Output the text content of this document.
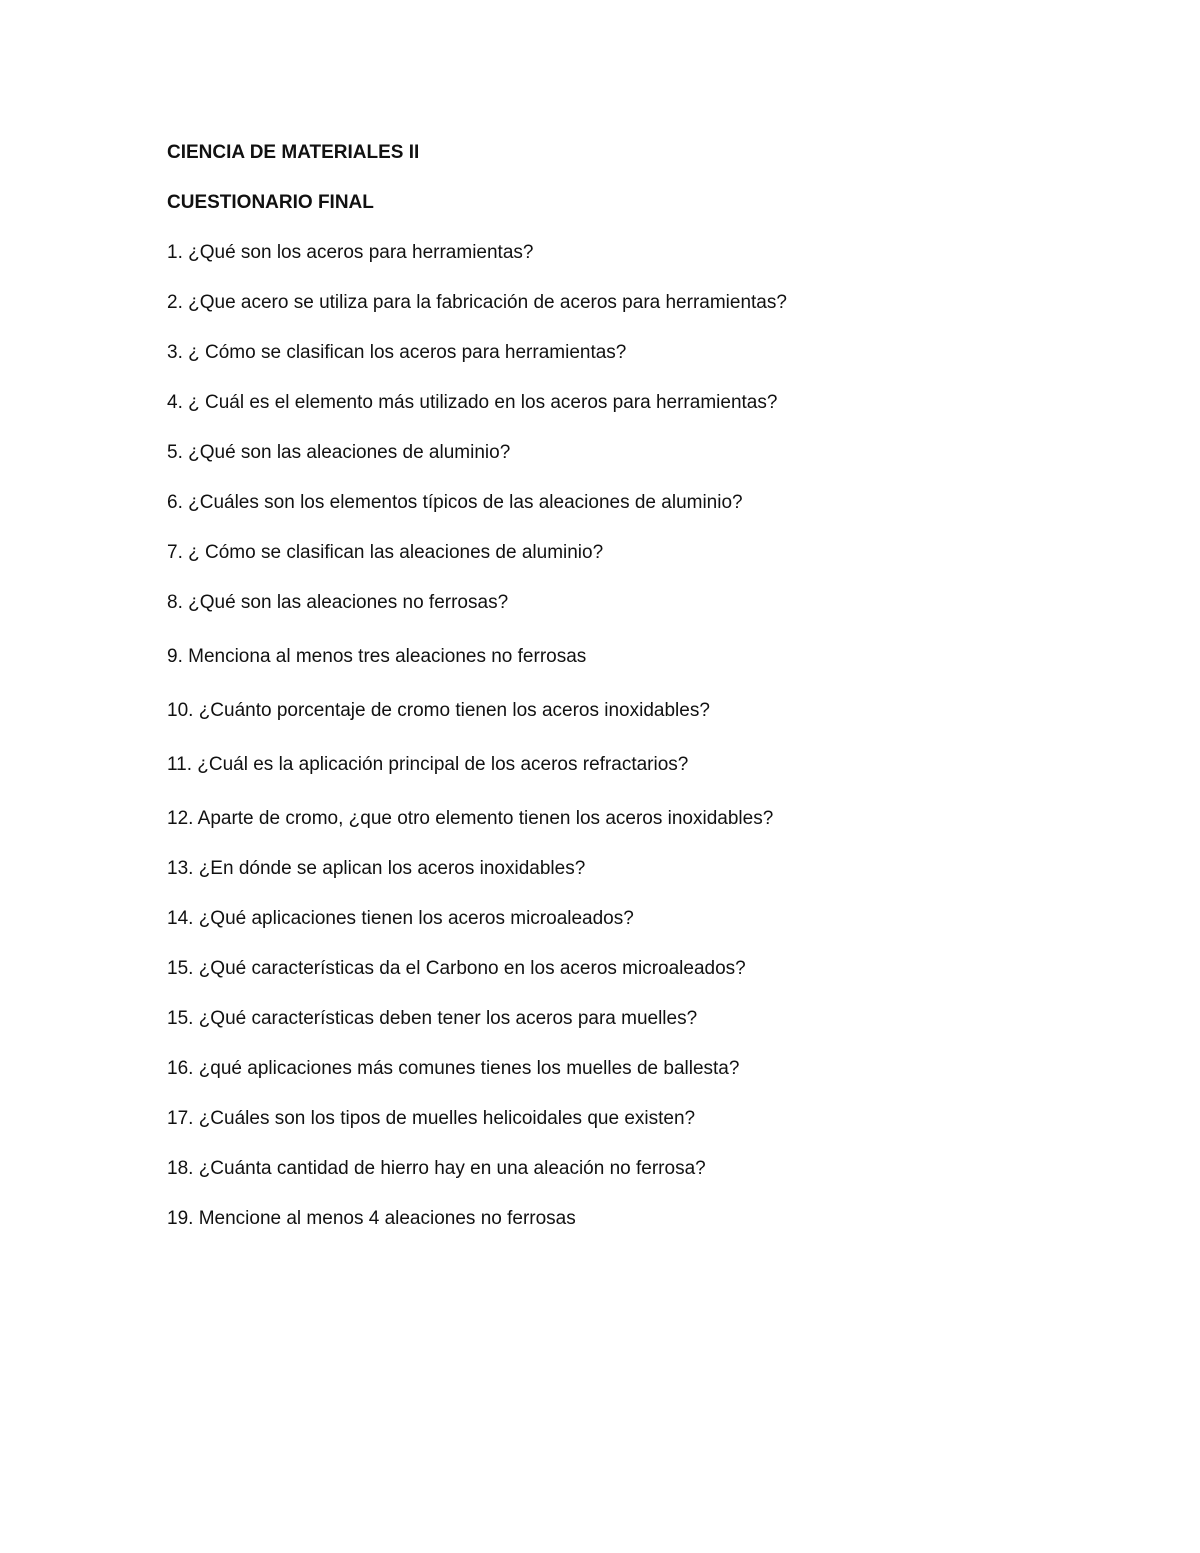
CIENCIA DE MATERIALES II
CUESTIONARIO FINAL
1. ¿Qué son los aceros para herramientas?
2. ¿Que acero se utiliza para la fabricación de aceros para herramientas?
3. ¿ Cómo se clasifican los aceros para herramientas?
4. ¿ Cuál es el elemento más utilizado en los aceros para herramientas?
5. ¿Qué son las aleaciones de aluminio?
6. ¿Cuáles son los elementos típicos de las aleaciones de aluminio?
7. ¿ Cómo se clasifican las aleaciones de aluminio?
8. ¿Qué son las aleaciones no ferrosas?
9. Menciona al menos tres aleaciones no ferrosas
10. ¿Cuánto porcentaje de cromo tienen los aceros inoxidables?
11. ¿Cuál es la aplicación principal de los aceros refractarios?
12. Aparte de cromo, ¿que otro elemento tienen los aceros inoxidables?
13. ¿En dónde se aplican los aceros inoxidables?
14. ¿Qué aplicaciones tienen los aceros microaleados?
15. ¿Qué características da el Carbono en los aceros microaleados?
15. ¿Qué características deben tener los aceros para muelles?
16. ¿qué aplicaciones más comunes tienes los muelles de ballesta?
17. ¿Cuáles son los tipos de muelles helicoidales que existen?
18. ¿Cuánta cantidad de hierro hay en una aleación no ferrosa?
19. Mencione al menos 4 aleaciones no ferrosas
